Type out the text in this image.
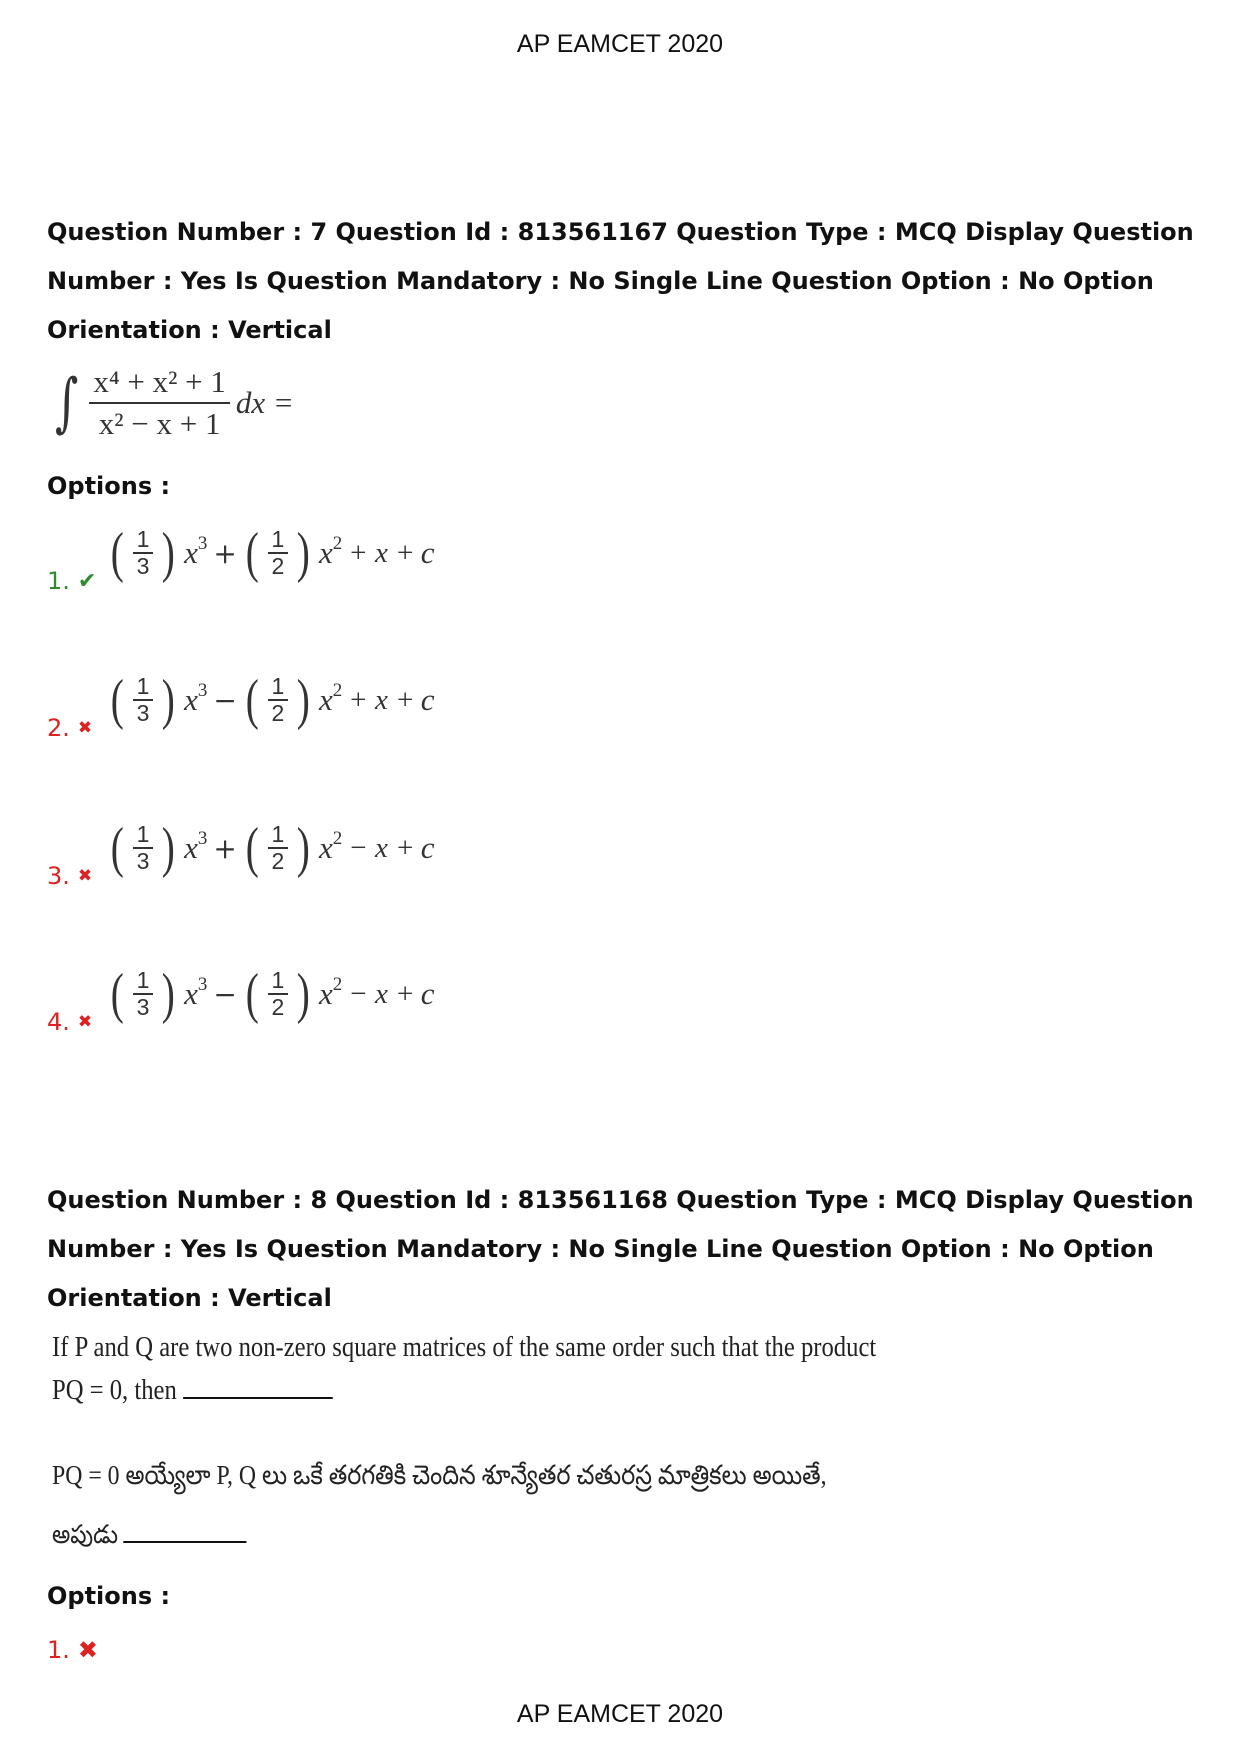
AP EAMCET 2020
Question Number : 7 Question Id : 813561167 Question Type : MCQ Display Question Number : Yes Is Question Mandatory : No Single Line Question Option : No Option Orientation : Vertical
∫ $\frac{\text{x⁴ + x² + 1}}{\text{x² − x + 1}}$ dx =
Options :
1. ✔ ( $\frac{1}{3}$ ) $x^3$ + ( $\frac{1}{2}$ ) $x^2 + x + c$
2. ✖ ( $\frac{1}{3}$ ) $x^3$ − ( $\frac{1}{2}$ ) $x^2 + x + c$
3. ✖ ( $\frac{1}{3}$ ) $x^3$ + ( $\frac{1}{2}$ ) $x^2 - x + c$
4. ✖ ( $\frac{1}{3}$ ) $x^3$ − ( $\frac{1}{2}$ ) $x^2 - x + c$
Question Number : 8 Question Id : 813561168 Question Type : MCQ Display Question Number : Yes Is Question Mandatory : No Single Line Question Option : No Option Orientation : Vertical
If P and Q are two non-zero square matrices of the same order such that the product
PQ = 0, then
PQ = 0 అయ్యేలా P, Q లు ఒకే తరగతికి చెందిన శూన్యేతర చతురస్ర మాత్రికలు అయితే,
అపుడు
Options :
1. ✖
AP EAMCET 2020
